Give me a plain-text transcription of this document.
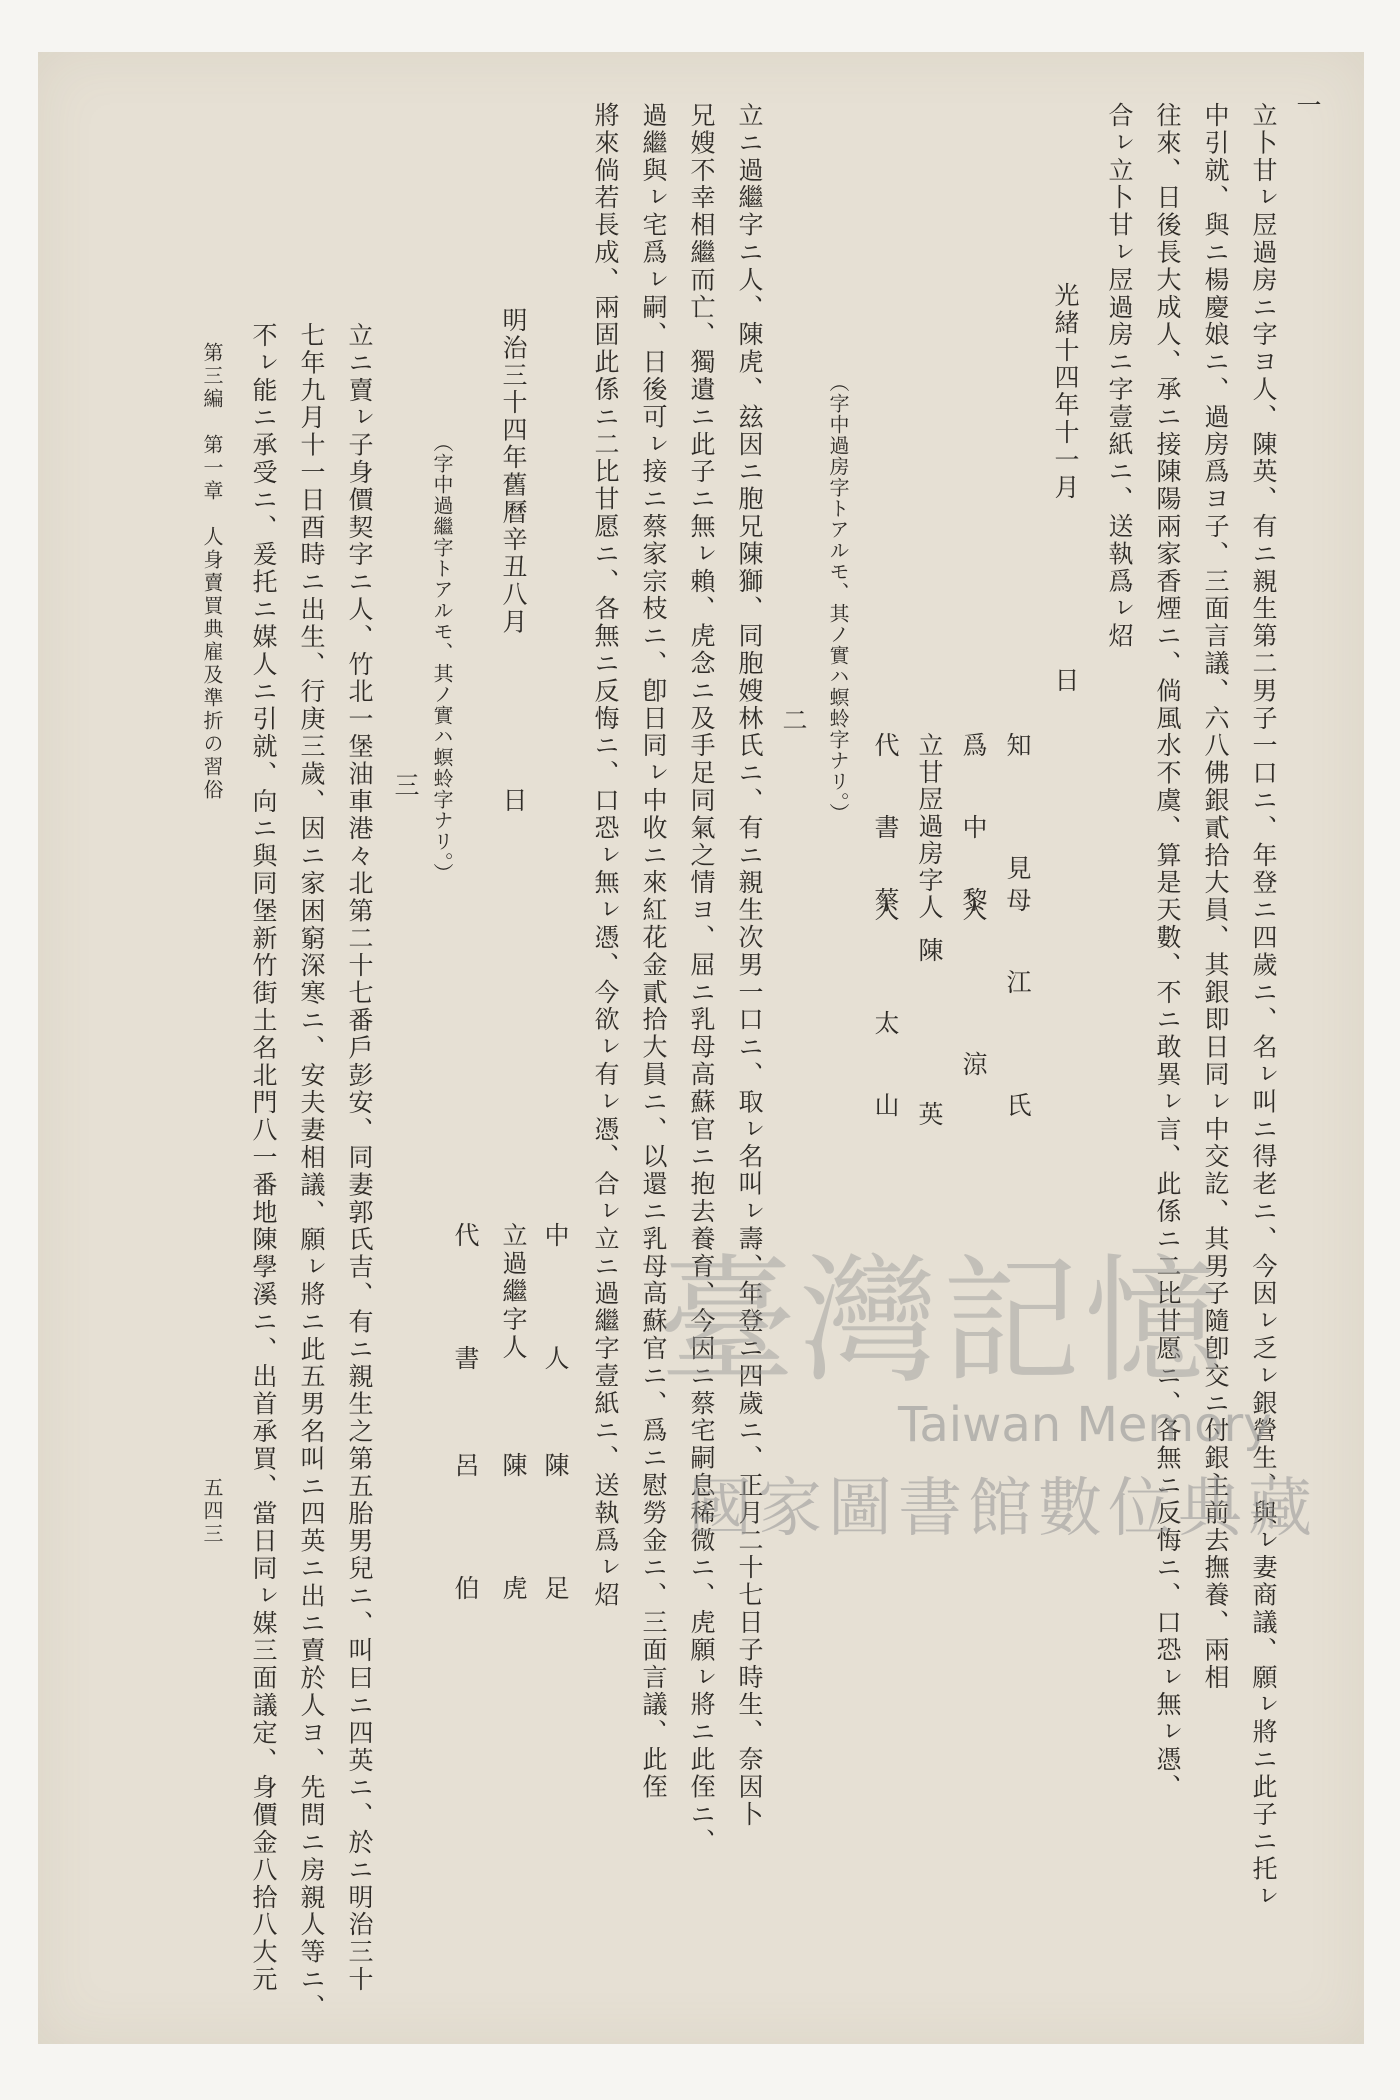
一
立卜甘ㇾ㞐過房ニ字ヨ人、陳英、有ニ親生第二男子一口ニ、年登ニ四歲ニ、名ㇾ叫ニ得老ニ、今因ㇾ乏ㇾ銀營生、與ㇾ妻商議、願ㇾ將ニ此子ニ托ㇾ
中引就、與ニ楊慶娘ニ、過房爲ヨ子、三面言議、六八佛銀貳拾大員、其銀即日同ㇾ中交訖、其男子隨卽交ニ付銀主前去撫養、兩相
往來、日後長大成人、承ニ接陳陽兩家香煙ニ、倘風水不虞、算是天數、不ニ敢異ㇾ言、此係ニ二比甘愿ニ、各無ニ反悔ニ、口恐ㇾ無ㇾ憑、
合ㇾ立卜甘ㇾ㞐過房ニ字壹紙ニ、送執爲ㇾ炤
光緒十四年十一月
日
知　　見
母　江　　氏
爲　中　人
黎　　　涼
立甘㞐過房字人
陳　　　英
代　書　人
蔡　　太　山
（字中過房字トアルモ、其ノ實ハ螟蛉字ナリ。）
二
立ニ過繼字ニ人、陳虎、玆因ニ胞兄陳獅、同胞嫂林氏ニ、有ニ親生次男一口ニ、取ㇾ名叫ㇾ壽、年登ニ四歲ニ、正月二十七日子時生、奈因卜
兄嫂不幸相繼而亡、獨遺ニ此子ニ無ㇾ賴、虎念ニ及手足同氣之情ヨ、屈ニ乳母高蘇官ニ抱去養育、今因ニ蔡宅嗣息稀微ニ、虎願ㇾ將ニ此侄ニ、
過繼與ㇾ宅爲ㇾ嗣、日後可ㇾ接ニ蔡家宗枝ニ、卽日同ㇾ中收ニ來紅花金貳拾大員ニ、以還ニ乳母高蘇官ニ、爲ニ慰勞金ニ、三面言議、此侄
將來倘若長成、兩固此係ニ二比甘愿ニ、各無ニ反悔ニ、口恐ㇾ無ㇾ憑、今欲ㇾ有ㇾ憑、合ㇾ立ニ過繼字壹紙ニ、送執爲ㇾ炤
中　　人
陳　　足
明治三十四年舊曆辛丑八月
日
立過繼字人
陳　　虎
代　　書
呂　　伯
（字中過繼字トアルモ、其ノ實ハ螟蛉字ナリ。）
三
立ニ賣ㇾ子身價契字ニ人、竹北一堡油車港々北第二十七番戶彭安、同妻郭氏吉、有ニ親生之第五胎男兒ニ、叫曰ニ四英ニ、於ニ明治三十
七年九月十一日酉時ニ出生、行庚三歲、因ニ家困窮深寒ニ、安夫妻相議、願ㇾ將ニ此五男名叫ニ四英ニ出ニ賣於人ヨ、先問ニ房親人等ニ、
不ㇾ能ニ承受ニ、爰托ニ媒人ニ引就、向ニ與同堡新竹街土名北門八一番地陳學溪ニ、出首承買、當日同ㇾ媒三面議定、身價金八拾八大元
第三編　第一章　人身賣買典雇及準折の習俗
五四三
臺灣記憶
Taiwan Memory
國家圖書館數位典藏
